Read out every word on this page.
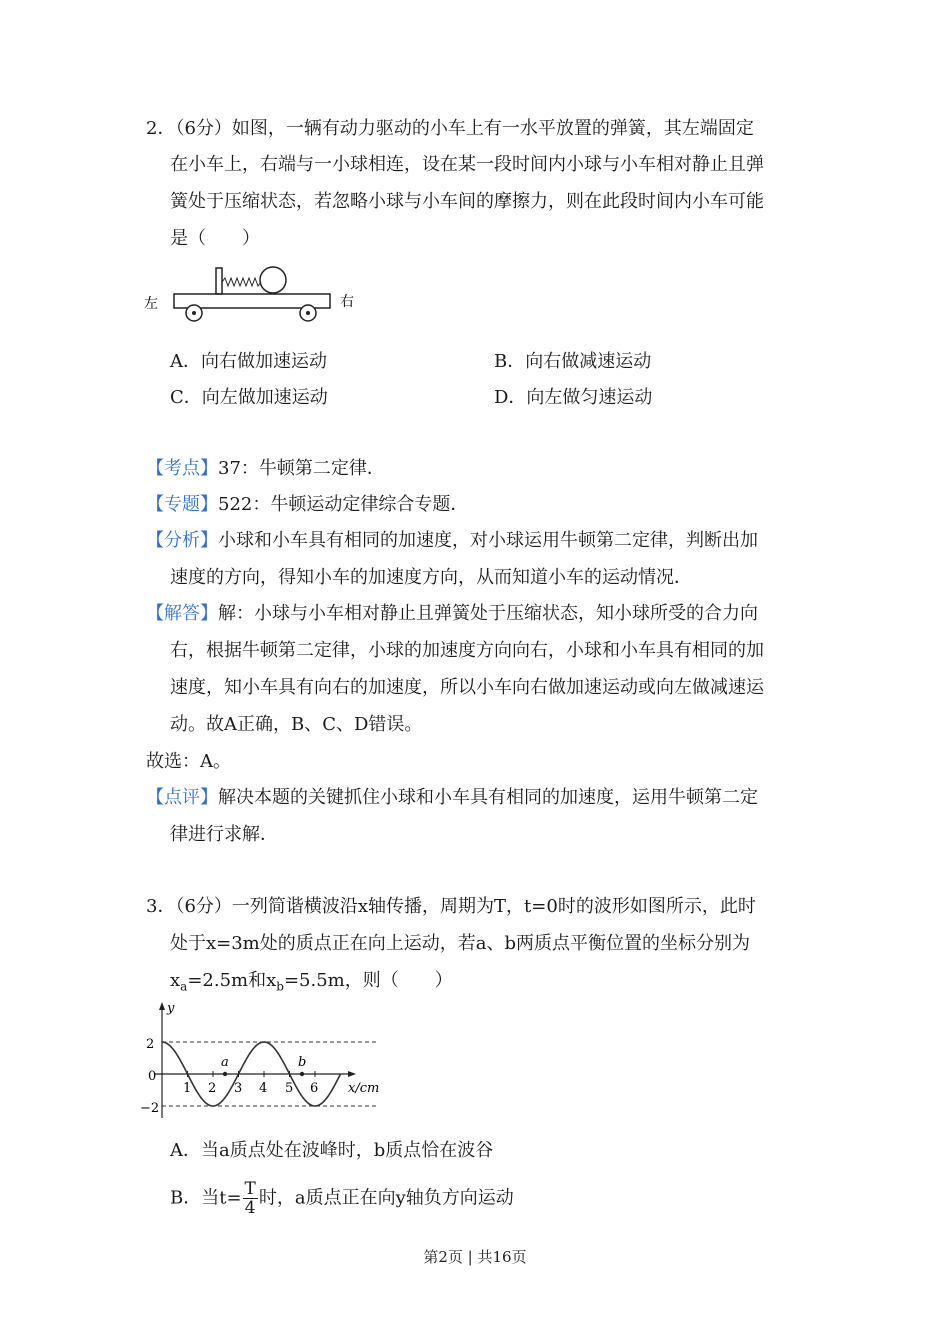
2．（6分）如图，一辆有动力驱动的小车上有一水平放置的弹簧，其左端固定
在小车上，右端与一小球相连，设在某一段时间内小球与小车相对静止且弹
簧处于压缩状态，若忽略小球与小车间的摩擦力，则在此段时间内小车可能
是（　　）
左	右
A．向右做加速运动	B．向右做减速运动
C．向左做加速运动	D．向左做匀速运动
【考点】37：牛顿第二定律．
【专题】522：牛顿运动定律综合专题．
【分析】小球和小车具有相同的加速度，对小球运用牛顿第二定律，判断出加
速度的方向，得知小车的加速度方向，从而知道小车的运动情况．
【解答】解：小球与小车相对静止且弹簧处于压缩状态，知小球所受的合力向
右，根据牛顿第二定律，小球的加速度方向向右，小球和小车具有相同的加
速度，知小车具有向右的加速度，所以小车向右做加速运动或向左做减速运
动。故A正确，B、C、D错误。
故选：A。
【点评】解决本题的关键抓住小球和小车具有相同的加速度，运用牛顿第二定
律进行求解．
3．（6分）一列简谐横波沿x轴传播，周期为T，t=0时的波形如图所示，此时
处于x=3m处的质点正在向上运动，若a、b两质点平衡位置的坐标分别为
$x_a=2.5m$和$x_b=5.5m$，则（　　）
2
0
−2
y
x/cm
1 2 3 4 5 6
a	b
A．当a质点处在波峰时，b质点恰在波谷
B．当$t= \frac{T}{4}$ 时，a质点正在向y轴负方向运动
第2页 | 共16页
